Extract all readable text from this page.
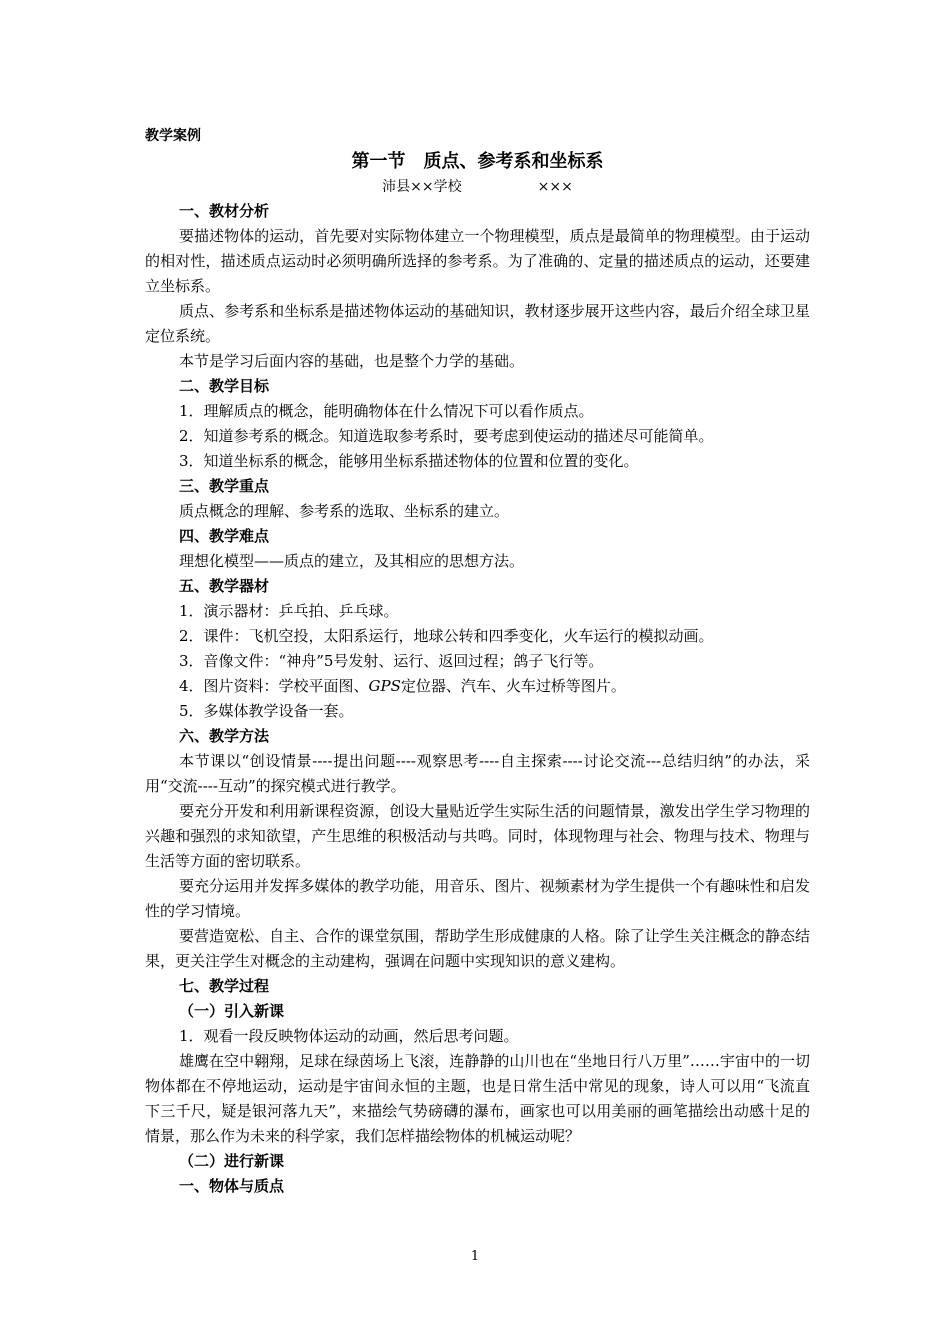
教学案例
第一节　质点、参考系和坐标系
沛县××学校	×××
一、教材分析

要描述物体的运动，首先要对实际物体建立一个物理模型，质点是最简单的物理模型。由于运动的相对性，描述质点运动时必须明确所选择的参考系。为了准确的、定量的描述质点的运动，还要建立坐标系。

质点、参考系和坐标系是描述物体运动的基础知识，教材逐步展开这些内容，最后介绍全球卫星定位系统。

本节是学习后面内容的基础，也是整个力学的基础。

二、教学目标
1．理解质点的概念，能明确物体在什么情况下可以看作质点。
2．知道参考系的概念。知道选取参考系时，要考虑到使运动的描述尽可能简单。
3．知道坐标系的概念，能够用坐标系描述物体的位置和位置的变化。
三、教学重点
质点概念的理解、参考系的选取、坐标系的建立。
四、教学难点
理想化模型——质点的建立，及其相应的思想方法。
五、教学器材
1．演示器材：乒乓拍、乒乓球。
2．课件：飞机空投，太阳系运行，地球公转和四季变化，火车运行的模拟动画。
3．音像文件：“神舟”5号发射、运行、返回过程；鸽子飞行等。
4．图片资料：学校平面图、GPS定位器、汽车、火车过桥等图片。
5．多媒体教学设备一套。
六、教学方法

本节课以“创设情景----提出问题----观察思考----自主探索----讨论交流---总结归纳”的办法，采用“交流----互动”的探究模式进行教学。

要充分开发和利用新课程资源，创设大量贴近学生实际生活的问题情景，激发出学生学习物理的兴趣和强烈的求知欲望，产生思维的积极活动与共鸣。同时，体现物理与社会、物理与技术、物理与生活等方面的密切联系。

要充分运用并发挥多媒体的教学功能，用音乐、图片、视频素材为学生提供一个有趣味性和启发性的学习情境。

要营造宽松、自主、合作的课堂氛围，帮助学生形成健康的人格。除了让学生关注概念的静态结果，更关注学生对概念的主动建构，强调在问题中实现知识的意义建构。

七、教学过程
（一）引入新课
1．观看一段反映物体运动的动画，然后思考问题。

雄鹰在空中翱翔，足球在绿茵场上飞滚，连静静的山川也在“坐地日行八万里”……宇宙中的一切物体都在不停地运动，运动是宇宙间永恒的主题，也是日常生活中常见的现象，诗人可以用“飞流直下三千尺，疑是银河落九天”，来描绘气势磅礴的瀑布，画家也可以用美丽的画笔描绘出动感十足的情景，那么作为未来的科学家，我们怎样描绘物体的机械运动呢？

（二）进行新课
一、物体与质点
1
